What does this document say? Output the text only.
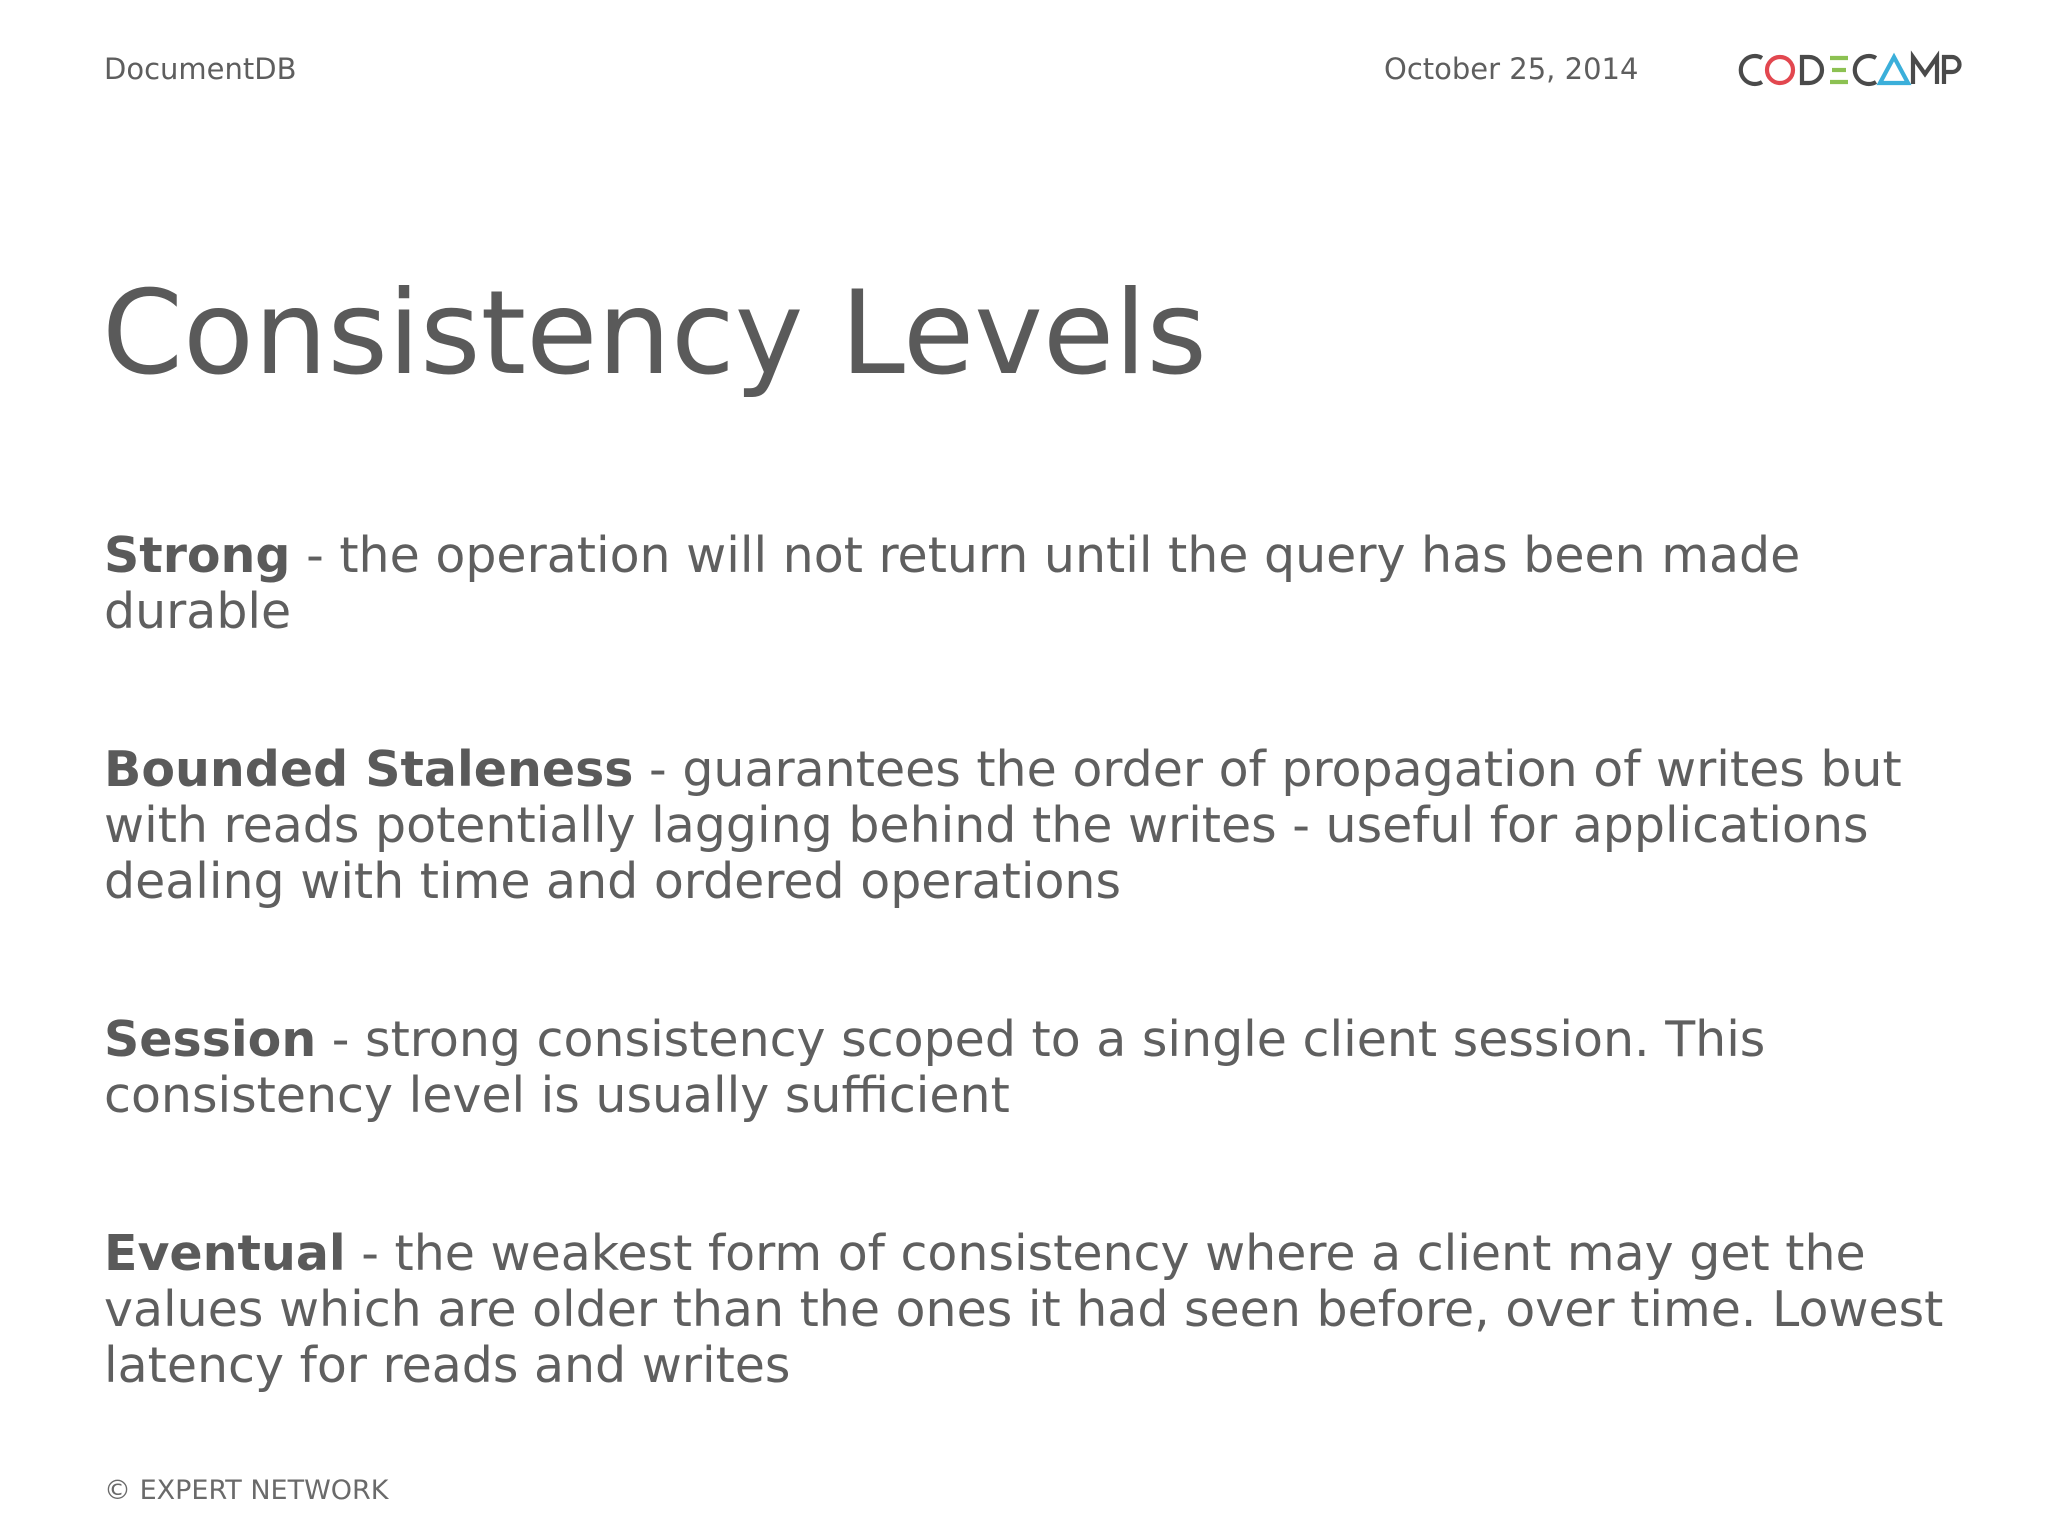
DocumentDB	October 25, 2014
Consistency Levels

Strong - the operation will not return until the query has been made durable

Bounded Staleness - guarantees the order of propagation of writes but with reads potentially lagging behind the writes - useful for applications dealing with time and ordered operations

Session - strong consistency scoped to a single client session. This consistency level is usually sufficient

Eventual - the weakest form of consistency where a client may get the values which are older than the ones it had seen before, over time. Lowest latency for reads and writes

© EXPERT NETWORK
